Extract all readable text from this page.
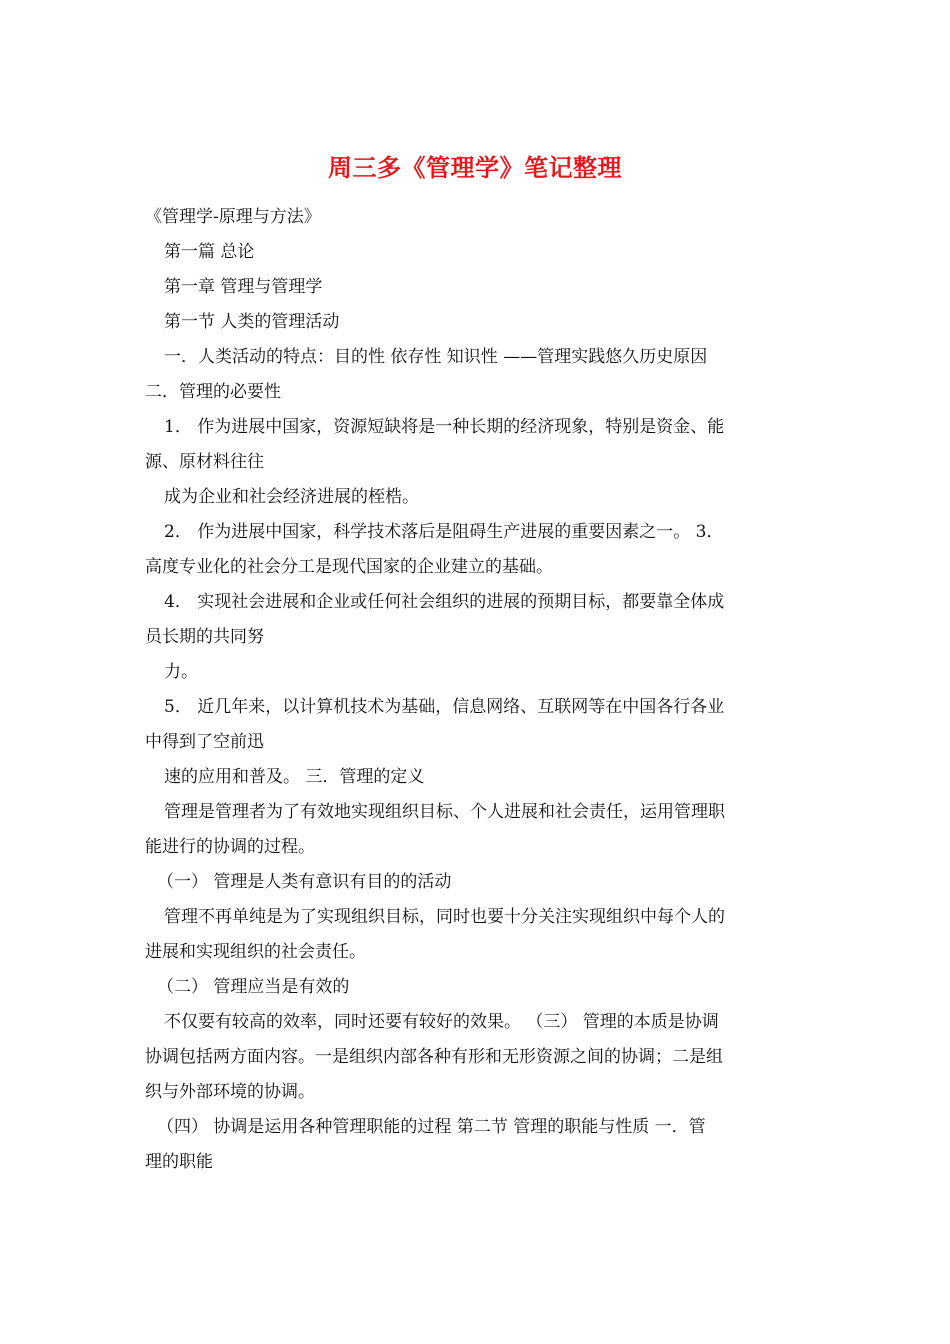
周三多《管理学》笔记整理
《管理学-原理与方法》
第一篇 总论
第一章 管理与管理学
第一节 人类的管理活动
一．人类活动的特点：目的性 依存性 知识性 ——管理实践悠久历史原因
二．管理的必要性
1． 作为进展中国家，资源短缺将是一种长期的经济现象，特别是资金、能
源、原材料往往
成为企业和社会经济进展的桎梏。
2． 作为进展中国家，科学技术落后是阻碍生产进展的重要因素之一。 3．
高度专业化的社会分工是现代国家的企业建立的基础。
4． 实现社会进展和企业或任何社会组织的进展的预期目标，都要靠全体成
员长期的共同努
力。
5． 近几年来，以计算机技术为基础，信息网络、互联网等在中国各行各业
中得到了空前迅
速的应用和普及。 三．管理的定义
管理是管理者为了有效地实现组织目标、个人进展和社会责任，运用管理职
能进行的协调的过程。
（一） 管理是人类有意识有目的的活动
管理不再单纯是为了实现组织目标，同时也要十分关注实现组织中每个人的
进展和实现组织的社会责任。
（二） 管理应当是有效的
不仅要有较高的效率，同时还要有较好的效果。 （三） 管理的本质是协调
协调包括两方面内容。一是组织内部各种有形和无形资源之间的协调；二是组
织与外部环境的协调。
（四） 协调是运用各种管理职能的过程 第二节 管理的职能与性质 一．管
理的职能
